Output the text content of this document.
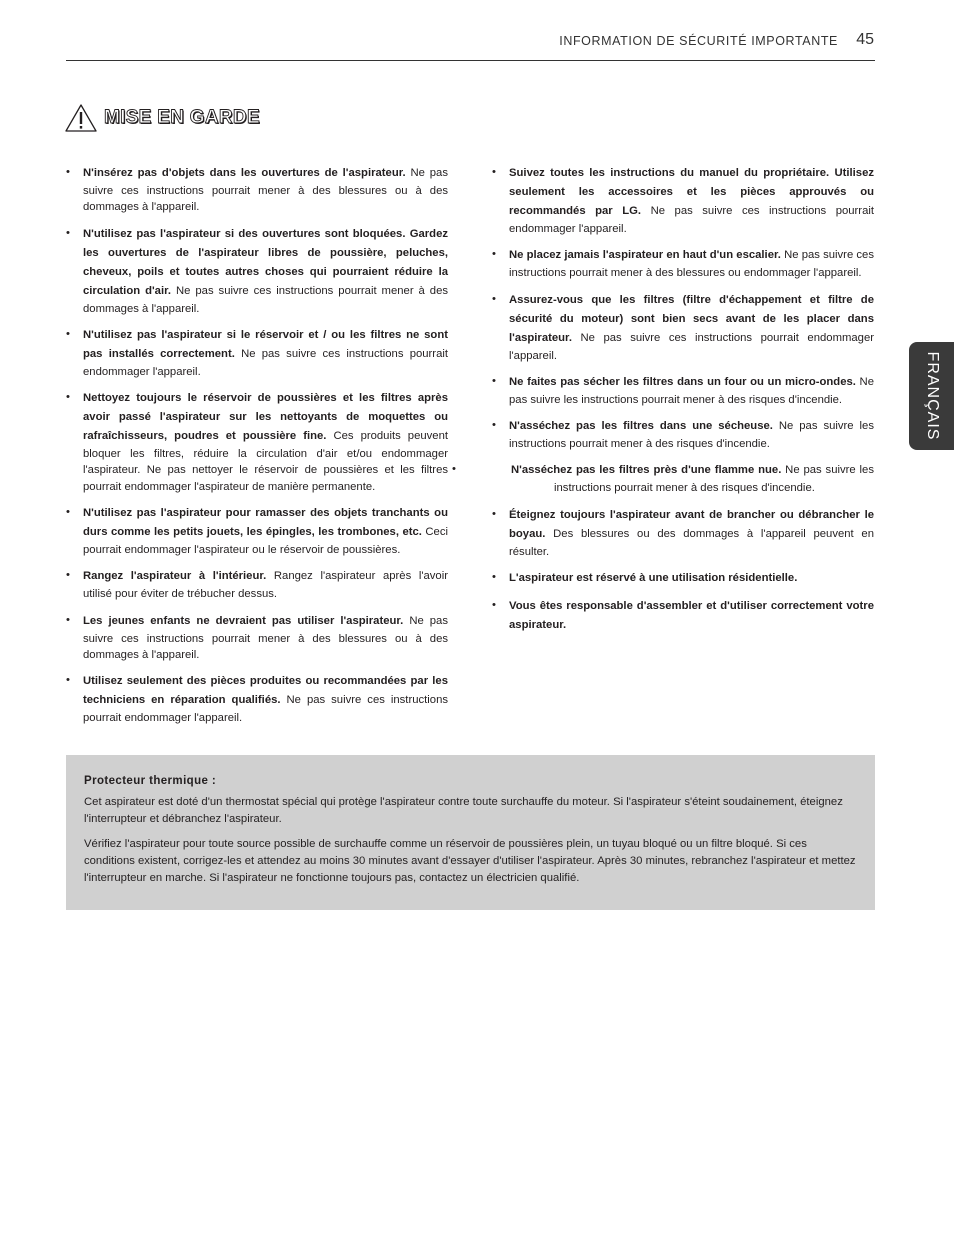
INFORMATION DE SÉCURITÉ IMPORTANTE 45
MISE EN GARDE
• N'insérez pas d'objets dans les ouvertures de l'aspirateur. Ne pas suivre ces instructions pourrait mener à des blessures ou à des dommages à l'appareil.
• N'utilisez pas l'aspirateur si des ouvertures sont bloquées. Gardez les ouvertures de l'aspirateur libres de poussière, peluches, cheveux, poils et toutes autres choses qui pourraient réduire la circulation d'air. Ne pas suivre ces instructions pourrait mener à des dommages à l'appareil.
• N'utilisez pas l'aspirateur si le réservoir et / ou les filtres ne sont pas installés correctement. Ne pas suivre ces instructions pourrait endommager l'appareil.
• Nettoyez toujours le réservoir de poussières et les filtres après avoir passé l'aspirateur sur les nettoyants de moquettes ou rafraîchisseurs, poudres et poussière fine. Ces produits peuvent bloquer les filtres, réduire la circulation d'air et/ou endommager l'aspirateur. Ne pas nettoyer le réservoir de poussières et les filtres pourrait endommager l'aspirateur de manière permanente.
• N'utilisez pas l'aspirateur pour ramasser des objets tranchants ou durs comme les petits jouets, les épingles, les trombones, etc. Ceci pourrait endommager l'aspirateur ou le réservoir de poussières.
• Rangez l'aspirateur à l'intérieur. Rangez l'aspirateur après l'avoir utilisé pour éviter de trébucher dessus.
• Les jeunes enfants ne devraient pas utiliser l'aspirateur. Ne pas suivre ces instructions pourrait mener à des blessures ou à des dommages à l'appareil.
• Utilisez seulement des pièces produites ou recommandées par les techniciens en réparation qualifiés. Ne pas suivre ces instructions pourrait endommager l'appareil.
• Suivez toutes les instructions du manuel du propriétaire. Utilisez seulement les accessoires et les pièces approuvés ou recommandés par LG. Ne pas suivre ces instructions pourrait endommager l'appareil.
• Ne placez jamais l'aspirateur en haut d'un escalier. Ne pas suivre ces instructions pourrait mener à des blessures ou endommager l'appareil.
• Assurez-vous que les filtres (filtre d'échappement et filtre de sécurité du moteur) sont bien secs avant de les placer dans l'aspirateur. Ne pas suivre ces instructions pourrait endommager l'appareil.
• Ne faites pas sécher les filtres dans un four ou un micro-ondes. Ne pas suivre les instructions pourrait mener à des risques d'incendie.
• N'asséchez pas les filtres dans une sécheuse. Ne pas suivre les instructions pourrait mener à des risques d'incendie.
• N'asséchez pas les filtres près d'une flamme nue. Ne pas suivre les instructions pourrait mener à des risques d'incendie.
• Éteignez toujours l'aspirateur avant de brancher ou débrancher le boyau. Des blessures ou des dommages à l'appareil peuvent en résulter.
• L'aspirateur est réservé à une utilisation résidentielle.
• Vous êtes responsable d'assembler et d'utiliser correctement votre aspirateur.
FRANÇAIS
Protecteur thermique :

Cet aspirateur est doté d'un thermostat spécial qui protège l'aspirateur contre toute surchauffe du moteur. Si l'aspirateur s'éteint soudainement, éteignez l'interrupteur et débranchez l'aspirateur.

Vérifiez l'aspirateur pour toute source possible de surchauffe comme un réservoir de poussières plein, un tuyau bloqué ou un filtre bloqué. Si ces conditions existent, corrigez-les et attendez au moins 30 minutes avant d'essayer d'utiliser l'aspirateur. Après 30 minutes, rebranchez l'aspirateur et mettez l'interrupteur en marche. Si l'aspirateur ne fonctionne toujours pas, contactez un électricien qualifié.
